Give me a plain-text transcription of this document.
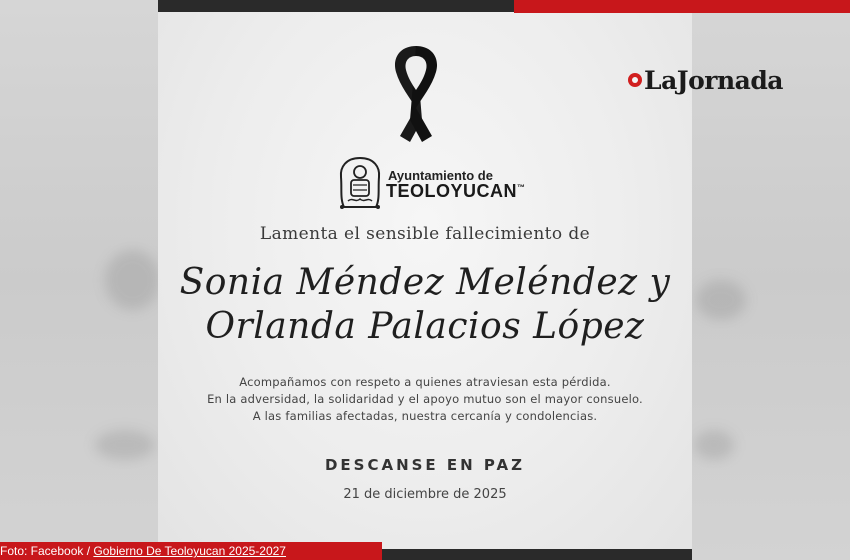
LaJornada
Ayuntamiento de
TEOLOYUCAN™
Lamenta el sensible fallecimiento de
Sonia Méndez Meléndez y
Orlanda Palacios López
Acompañamos con respeto a quienes atraviesan esta pérdida.
En la adversidad, la solidaridad y el apoyo mutuo son el mayor consuelo.
A las familias afectadas, nuestra cercanía y condolencias.
DESCANSE EN PAZ
21 de diciembre de 2025
Foto: Facebook / Gobierno De Teoloyucan 2025-2027
